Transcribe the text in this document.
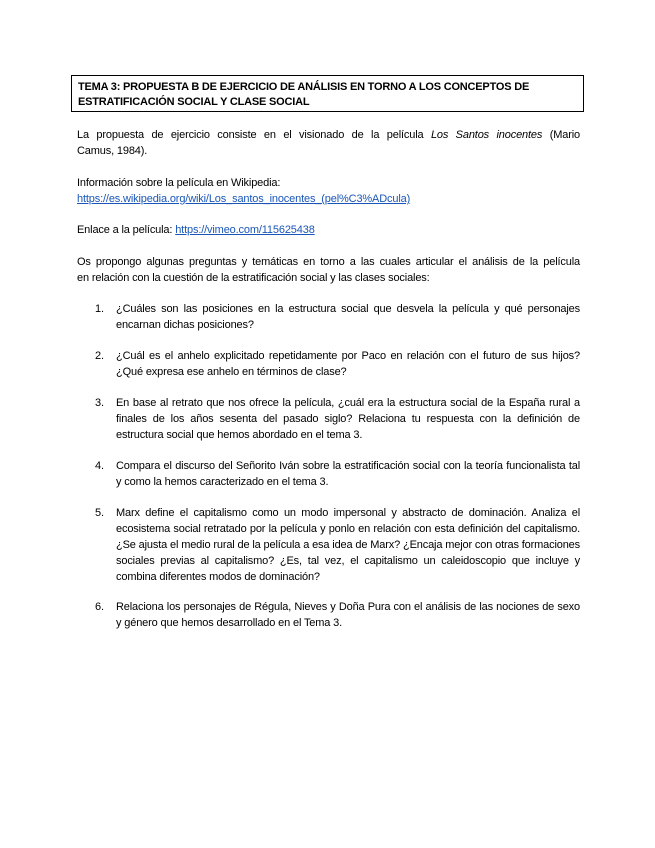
TEMA 3: PROPUESTA B DE EJERCICIO DE ANÁLISIS EN TORNO A LOS CONCEPTOS DE
ESTRATIFICACIÓN SOCIAL Y CLASE SOCIAL
La propuesta de ejercicio consiste en el visionado de la película Los Santos inocentes (Mario
Camus, 1984).
Información sobre la película en Wikipedia:
https://es.wikipedia.org/wiki/Los_santos_inocentes_(pel%C3%ADcula)
Enlace a la película: https://vimeo.com/115625438
Os propongo algunas preguntas y temáticas en torno a las cuales articular el análisis de la película
en relación con la cuestión de la estratificación social y las clases sociales:
1. ¿Cuáles son las posiciones en la estructura social que desvela la película y qué personajes encarnan dichas posiciones?
2. ¿Cuál es el anhelo explicitado repetidamente por Paco en relación con el futuro de sus hijos? ¿Qué expresa ese anhelo en términos de clase?
3. En base al retrato que nos ofrece la película, ¿cuál era la estructura social de la España rural a finales de los años sesenta del pasado siglo? Relaciona tu respuesta con la definición de estructura social que hemos abordado en el tema 3.
4. Compara el discurso del Señorito Iván sobre la estratificación social con la teoría funcionalista tal y como la hemos caracterizado en el tema 3.
5. Marx define el capitalismo como un modo impersonal y abstracto de dominación. Analiza el ecosistema social retratado por la película y ponlo en relación con esta definición del capitalismo. ¿Se ajusta el medio rural de la película a esa idea de Marx? ¿Encaja mejor con otras formaciones sociales previas al capitalismo? ¿Es, tal vez, el capitalismo un caleidoscopio que incluye y combina diferentes modos de dominación?
6. Relaciona los personajes de Régula, Nieves y Doña Pura con el análisis de las nociones de sexo y género que hemos desarrollado en el Tema 3.
